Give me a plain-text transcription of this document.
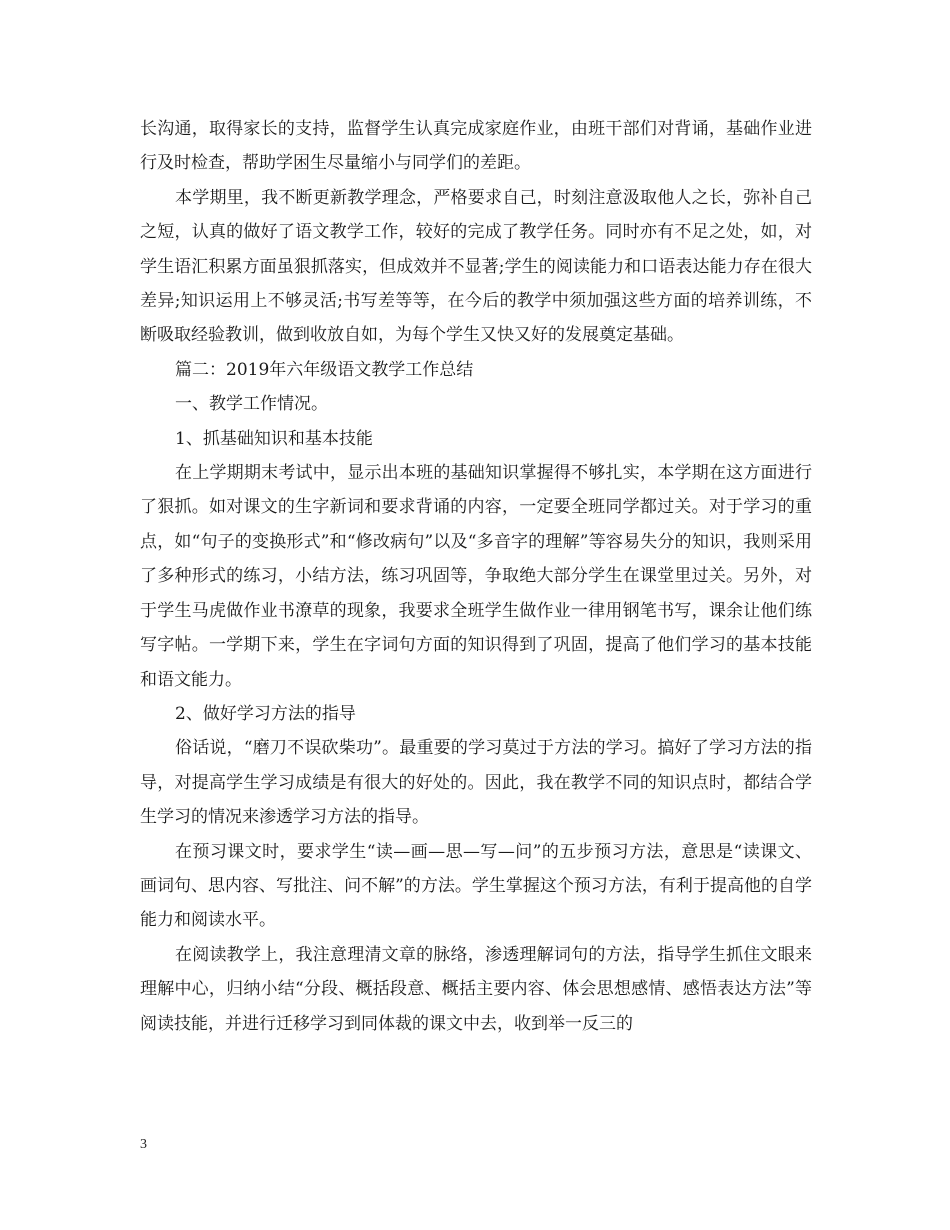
长沟通，取得家长的支持，监督学生认真完成家庭作业，由班干部们对背诵，基础作业进行及时检查，帮助学困生尽量缩小与同学们的差距。

本学期里，我不断更新教学理念，严格要求自己，时刻注意汲取他人之长，弥补自己之短，认真的做好了语文教学工作，较好的完成了教学任务。同时亦有不足之处，如，对学生语汇积累方面虽狠抓落实，但成效并不显著;学生的阅读能力和口语表达能力存在很大差异;知识运用上不够灵活;书写差等等，在今后的教学中须加强这些方面的培养训练，不断吸取经验教训，做到收放自如，为每个学生又快又好的发展奠定基础。

篇二：2019年六年级语文教学工作总结

一、教学工作情况。

1、抓基础知识和基本技能

在上学期期末考试中，显示出本班的基础知识掌握得不够扎实，本学期在这方面进行了狠抓。如对课文的生字新词和要求背诵的内容，一定要全班同学都过关。对于学习的重点，如“句子的变换形式”和“修改病句”以及“多音字的理解”等容易失分的知识，我则采用了多种形式的练习，小结方法，练习巩固等，争取绝大部分学生在课堂里过关。另外，对于学生马虎做作业书潦草的现象，我要求全班学生做作业一律用钢笔书写，课余让他们练写字帖。一学期下来，学生在字词句方面的知识得到了巩固，提高了他们学习的基本技能和语文能力。

2、做好学习方法的指导

俗话说，“磨刀不误砍柴功”。最重要的学习莫过于方法的学习。搞好了学习方法的指导，对提高学生学习成绩是有很大的好处的。因此，我在教学不同的知识点时，都结合学生学习的情况来渗透学习方法的指导。

在预习课文时，要求学生“读—画—思—写—问”的五步预习方法，意思是“读课文、画词句、思内容、写批注、问不解”的方法。学生掌握这个预习方法，有利于提高他的自学能力和阅读水平。

在阅读教学上，我注意理清文章的脉络，渗透理解词句的方法，指导学生抓住文眼来理解中心，归纳小结“分段、概括段意、概括主要内容、体会思想感情、感悟表达方法”等阅读技能，并进行迁移学习到同体裁的课文中去，收到举一反三的

3
